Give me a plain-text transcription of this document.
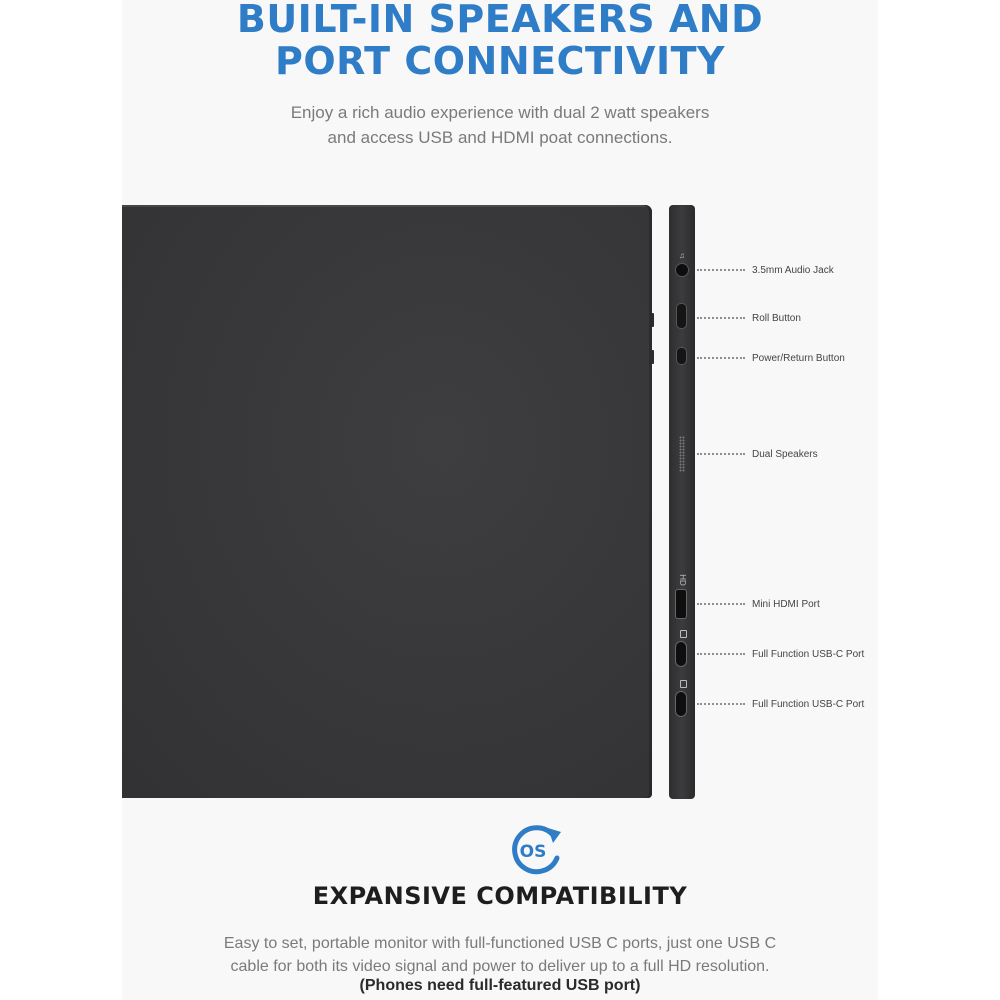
BUILT-IN SPEAKERS AND
PORT CONNECTIVITY

Enjoy a rich audio experience with dual 2 watt speakers

and access USB and HDMI poat connections.

♫
HD
3.5mm Audio Jack
Roll Button
Power/Return Button
Dual Speakers
Mini HDMI Port
Full Function USB-C Port
Full Function USB-C Port
OS
EXPANSIVE COMPATIBILITY

Easy to set, portable monitor with full-functioned USB C ports, just one USB C

cable for both its video signal and power to deliver up to a full HD resolution.

(Phones need full-featured USB port)
